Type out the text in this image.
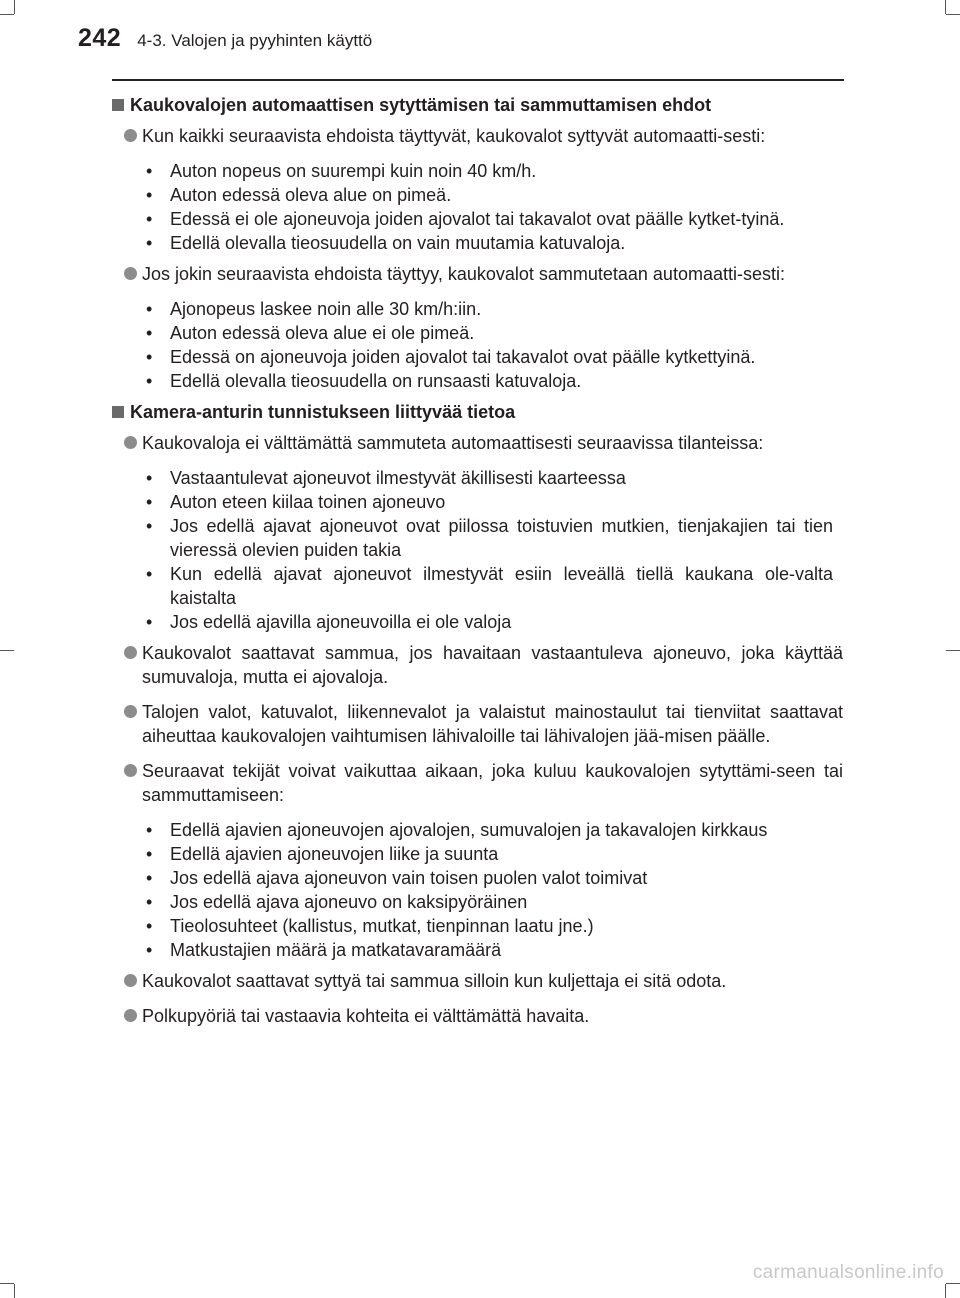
242 4-3. Valojen ja pyyhinten käyttö
Kaukovalojen automaattisen sytyttämisen tai sammuttamisen ehdot
Kun kaikki seuraavista ehdoista täyttyvät, kaukovalot syttyvät automaatti-sesti:
• Auton nopeus on suurempi kuin noin 40 km/h.
• Auton edessä oleva alue on pimeä.
• Edessä ei ole ajoneuvoja joiden ajovalot tai takavalot ovat päälle kytket-tyinä.
• Edellä olevalla tieosuudella on vain muutamia katuvaloja.
Jos jokin seuraavista ehdoista täyttyy, kaukovalot sammutetaan automaatti-sesti:
• Ajonopeus laskee noin alle 30 km/h:iin.
• Auton edessä oleva alue ei ole pimeä.
• Edessä on ajoneuvoja joiden ajovalot tai takavalot ovat päälle kytkettyinä.
• Edellä olevalla tieosuudella on runsaasti katuvaloja.
Kamera-anturin tunnistukseen liittyvää tietoa
Kaukovaloja ei välttämättä sammuteta automaattisesti seuraavissa tilanteissa:
• Vastaantulevat ajoneuvot ilmestyvät äkillisesti kaarteessa
• Auton eteen kiilaa toinen ajoneuvo
• Jos edellä ajavat ajoneuvot ovat piilossa toistuvien mutkien, tienjakajien tai tien vieressä olevien puiden takia
• Kun edellä ajavat ajoneuvot ilmestyvät esiin leveällä tiellä kaukana ole-valta kaistalta
• Jos edellä ajavilla ajoneuvoilla ei ole valoja
Kaukovalot saattavat sammua, jos havaitaan vastaantuleva ajoneuvo, joka käyttää sumuvaloja, mutta ei ajovaloja.
Talojen valot, katuvalot, liikennevalot ja valaistut mainostaulut tai tienviitat saattavat aiheuttaa kaukovalojen vaihtumisen lähivaloille tai lähivalojen jää-misen päälle.
Seuraavat tekijät voivat vaikuttaa aikaan, joka kuluu kaukovalojen sytyttämi-seen tai sammuttamiseen:
• Edellä ajavien ajoneuvojen ajovalojen, sumuvalojen ja takavalojen kirkkaus
• Edellä ajavien ajoneuvojen liike ja suunta
• Jos edellä ajava ajoneuvon vain toisen puolen valot toimivat
• Jos edellä ajava ajoneuvo on kaksipyöräinen
• Tieolosuhteet (kallistus, mutkat, tienpinnan laatu jne.)
• Matkustajien määrä ja matkatavaramäärä
Kaukovalot saattavat syttyä tai sammua silloin kun kuljettaja ei sitä odota.
Polkupyöriä tai vastaavia kohteita ei välttämättä havaita.
carmanualsonline.info
